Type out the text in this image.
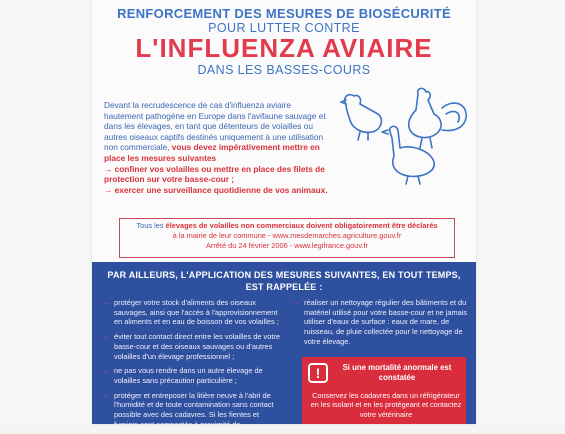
RENFORCEMENT DES MESURES DE BIOSÉCURITÉ
POUR LUTTER CONTRE
L'INFLUENZA AVIAIRE
DANS LES BASSES-COURS
Devant la recrudescence de cas d'influenza aviaire hautement pathogène en Europe dans l'avifaune sauvage et dans les élevages, en tant que détenteurs de volailles ou autres oiseaux captifs destinés uniquement à une utilisation non commerciale, vous devez impérativement mettre en place les mesures suivantes
→ confiner vos volailles ou mettre en place des filets de protection sur votre basse-cour ;
→ exercer une surveillance quotidienne de vos animaux.
Tous les élevages de volailles non commerciaux doivent obligatoirement être déclarés
à la mairie de leur commune - www.mesdemarches.agriculture.gouv.fr
Arrêté du 24 février 2006 - www.legifrance.gouv.fr
PAR AILLEURS, L'APPLICATION DES MESURES SUIVANTES, EN TOUT TEMPS,
EST RAPPELÉE :
→ protéger votre stock d'aliments des oiseaux sauvages, ainsi que l'accès à l'approvisionnement en aliments et en eau de boisson de vos volailles ;
→ éviter tout contact direct entre les volailles de votre basse-cour et des oiseaux sauvages ou d'autres volailles d'un élevage professionnel ;
→ ne pas vous rendre dans un autre élevage de volailles sans précaution particulière ;
→ protéger et entreposer la litière neuve à l'abri de l'humidité et de toute contamination sans contact possible avec des cadavres. Si les fientes et fumiers sont compostés à proximité de
→ réaliser un nettoyage régulier des bâtiments et du matériel utilisé pour votre basse-cour et ne jamais utiliser d'eaux de surface : eaux de mare, de ruisseau, de pluie collectée pour le nettoyage de votre élevage.
!	Si une mortalité anormale est constatée
Conservez les cadavres dans un réfrigérateur en les isolant et en les protégeant et contactez votre vétérinaire
